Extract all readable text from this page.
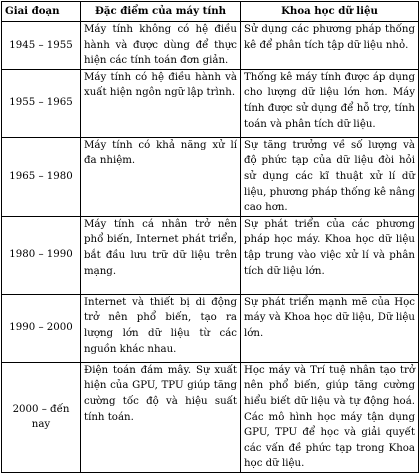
Giai đoạn	Đặc điểm của máy tính	Khoa học dữ liệu
1945 – 1955	Máy tính không có hệ điều hành và được dùng để thực hiện các tính toán đơn giản.	Sử dụng các phương pháp thống kê để phân tích tập dữ liệu nhỏ.
1955 – 1965	Máy tính có hệ điều hành và xuất hiện ngôn ngữ lập trình.	Thống kê máy tính được áp dụng cho lượng dữ liệu lớn hơn. Máy tính được sử dụng để hỗ trợ, tính toán và phân tích dữ liệu.
1965 – 1980	Máy tính có khả năng xử lí đa nhiệm.	Sự tăng trưởng về số lượng và độ phức tạp của dữ liệu đòi hỏi sử dụng các kĩ thuật xử lí dữ liệu, phương pháp thống kê nâng cao hơn.
1980 – 1990	Máy tính cá nhân trở nên phổ biến, Internet phát triển, bắt đầu lưu trữ dữ liệu trên mạng.	Sự phát triển của các phương pháp học máy. Khoa học dữ liệu tập trung vào việc xử lí và phân tích dữ liệu lớn.
1990 – 2000	Internet và thiết bị di động trở nên phổ biến, tạo ra lượng lớn dữ liệu từ các nguồn khác nhau.	Sự phát triển mạnh mẽ của Học máy và Khoa học dữ liệu, Dữ liệu lớn.
2000 – đến nay	Điện toán đám mây. Sự xuất hiện của GPU, TPU giúp tăng cường tốc độ và hiệu suất tính toán.	Học máy và Trí tuệ nhân tạo trở nên phổ biến, giúp tăng cường hiểu biết dữ liệu và tự động hoá. Các mô hình học máy tận dụng GPU, TPU để học và giải quyết các vấn đề phức tạp trong Khoa học dữ liệu.
